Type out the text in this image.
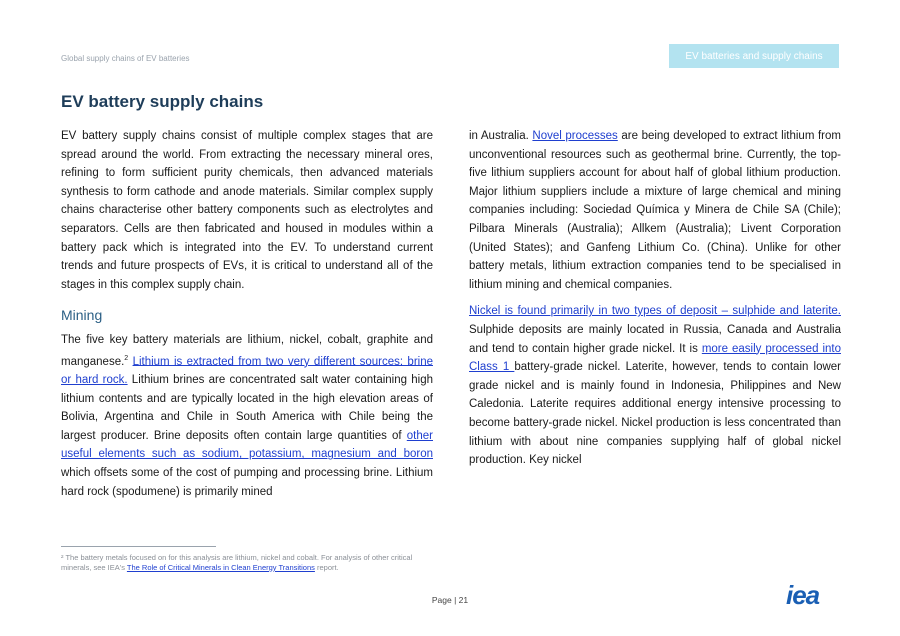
Global supply chains of EV batteries	EV batteries and supply chains
EV battery supply chains

EV battery supply chains consist of multiple complex stages that are spread around the world. From extracting the necessary mineral ores, refining to form sufficient purity chemicals, then advanced materials synthesis to form cathode and anode materials. Similar complex supply chains characterise other battery components such as electrolytes and separators. Cells are then fabricated and housed in modules within a battery pack which is integrated into the EV. To understand current trends and future prospects of EVs, it is critical to understand all of the stages in this complex supply chain.

Mining

The five key battery materials are lithium, nickel, cobalt, graphite and manganese.$^2$ Lithium is extracted from two very different sources: brine or hard rock. Lithium brines are concentrated salt water containing high lithium contents and are typically located in the high elevation areas of Bolivia, Argentina and Chile in South America with Chile being the largest producer. Brine deposits often contain large quantities of other useful elements such as sodium, potassium, magnesium and boron which offsets some of the cost of pumping and processing brine. Lithium hard rock (spodumene) is primarily mined

in Australia. Novel processes are being developed to extract lithium from unconventional resources such as geothermal brine. Currently, the top-five lithium suppliers account for about half of global lithium production. Major lithium suppliers include a mixture of large chemical and mining companies including: Sociedad Química y Minera de Chile SA (Chile); Pilbara Minerals (Australia); Allkem (Australia); Livent Corporation (United States); and Ganfeng Lithium Co. (China). Unlike for other battery metals, lithium extraction companies tend to be specialised in lithium mining and chemical companies.

Nickel is found primarily in two types of deposit – sulphide and laterite. Sulphide deposits are mainly located in Russia, Canada and Australia and tend to contain higher grade nickel. It is more easily processed into Class 1 battery-grade nickel. Laterite, however, tends to contain lower grade nickel and is mainly found in Indonesia, Philippines and New Caledonia. Laterite requires additional energy intensive processing to become battery-grade nickel. Nickel production is less concentrated than lithium with about nine companies supplying half of global nickel production. Key nickel

² The battery metals focused on for this analysis are lithium, nickel and cobalt. For analysis of other critical minerals, see IEA's The Role of Critical Minerals in Clean Energy Transitions report.
Page | 21	iea
